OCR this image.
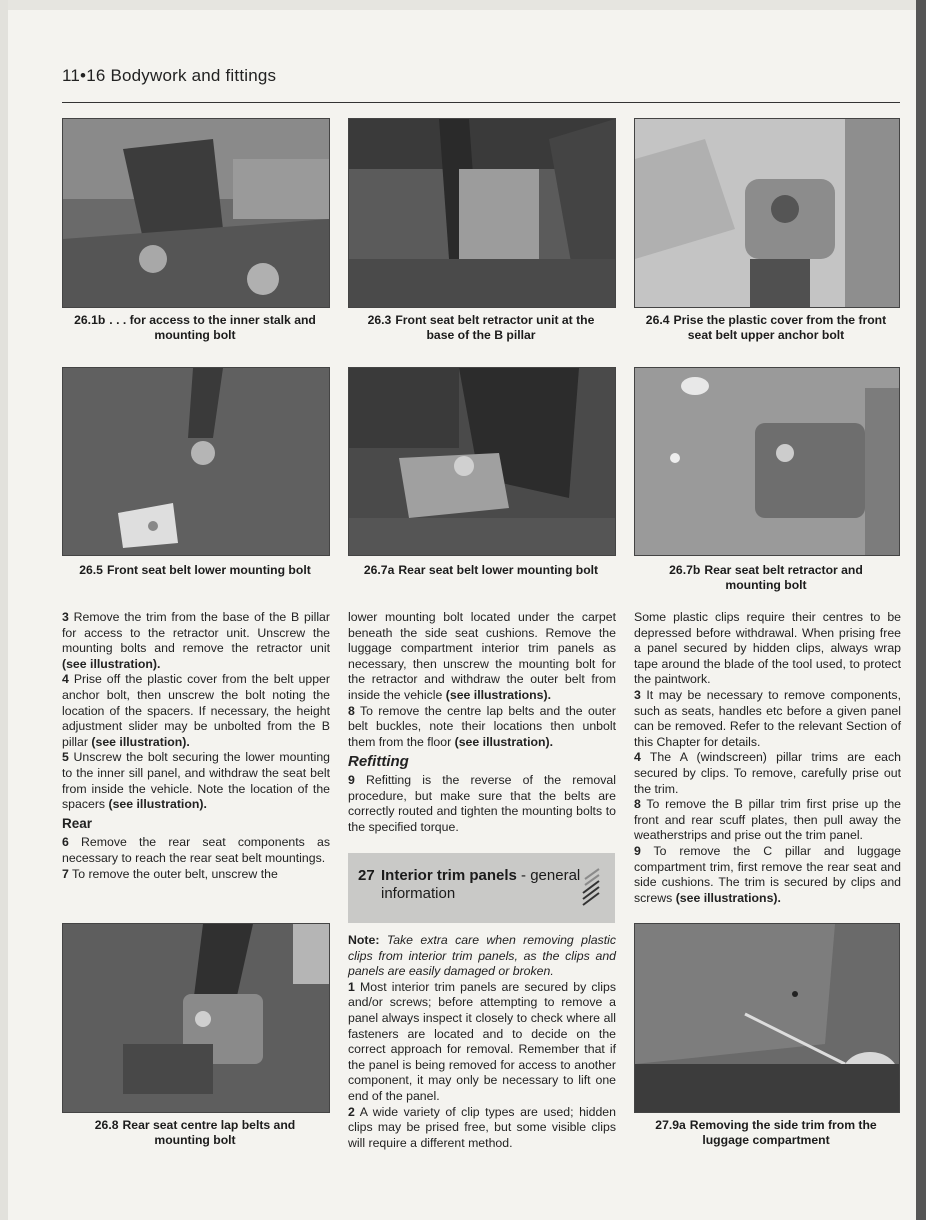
11•16 Bodywork and fittings
26.1b . . . for access to the inner stalk and
mounting bolt
26.3 Front seat belt retractor unit at the
base of the B pillar
26.4 Prise the plastic cover from the front
seat belt upper anchor bolt
26.5 Front seat belt lower mounting bolt	26.7a Rear seat belt lower mounting bolt	26.7b Rear seat belt retractor and
mounting bolt

3 Remove the trim from the base of the B pillar for access to the retractor unit. Unscrew the mounting bolts and remove the retractor unit (see illustration).

4 Prise off the plastic cover from the belt upper anchor bolt, then unscrew the bolt noting the location of the spacers. If necessary, the height adjustment slider may be unbolted from the B pillar (see illustration).

5 Unscrew the bolt securing the lower mounting to the inner sill panel, and withdraw the seat belt from inside the vehicle. Note the location of the spacers (see illustration).

Rear

6 Remove the rear seat components as necessary to reach the rear seat belt mountings.

7 To remove the outer belt, unscrew the

lower mounting bolt located under the carpet beneath the side seat cushions. Remove the luggage compartment interior trim panels as necessary, then unscrew the mounting bolt for the retractor and withdraw the outer belt from inside the vehicle (see illustrations).

8 To remove the centre lap belts and the outer belt buckles, note their locations then unbolt them from the floor (see illustration).

Refitting

9 Refitting is the reverse of the removal procedure, but make sure that the belts are correctly routed and tighten the mounting bolts to the specified torque.

27 Interior trim panels - general information

Note: Take extra care when removing plastic clips from interior trim panels, as the clips and panels are easily damaged or broken.

1 Most interior trim panels are secured by clips and/or screws; before attempting to remove a panel always inspect it closely to check where all fasteners are located and to decide on the correct approach for removal. Remember that if the panel is being removed for access to another component, it may only be necessary to lift one end of the panel.

2 A wide variety of clip types are used; hidden clips may be prised free, but some visible clips will require a different method.

Some plastic clips require their centres to be depressed before withdrawal. When prising free a panel secured by hidden clips, always wrap tape around the blade of the tool used, to protect the paintwork.

3 It may be necessary to remove components, such as seats, handles etc before a given panel can be removed. Refer to the relevant Section of this Chapter for details.

4 The A (windscreen) pillar trims are each secured by clips. To remove, carefully prise out the trim.

8 To remove the B pillar trim first prise up the front and rear scuff plates, then pull away the weatherstrips and prise out the trim panel.

9 To remove the C pillar and luggage compartment trim, first remove the rear seat and side cushions. The trim is secured by clips and screws (see illustrations).

26.8 Rear seat centre lap belts and
mounting bolt
27.9a Removing the side trim from the
luggage compartment
